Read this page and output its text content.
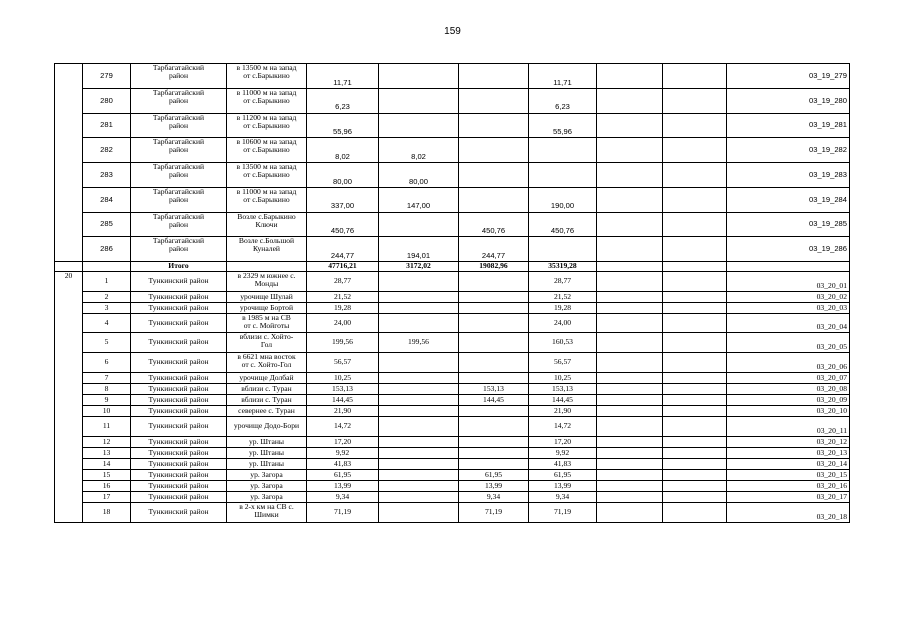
159
	279	Тарбагатайский
район	в 13500 м на запад
от с.Барыкино	11,71			11,71			03_19_279
	280	Тарбагатайский
район	в 11000 м на запад
от с.Барыкино	6,23			6,23			03_19_280
	281	Тарбагатайский
район	в 11200 м на запад
от с.Барыкино	55,96			55,96			03_19_281
	282	Тарбагатайский
район	в 10600 м на запад
от с.Барыкино	8,02	8,02					03_19_282
	283	Тарбагатайский
район	в 13500 м на запад
от с.Барыкино	80,00	80,00					03_19_283
	284	Тарбагатайский
район	в 11000 м на запад
от с.Барыкино	337,00	147,00		190,00			03_19_284
	285	Тарбагатайский
район	Возле с.Барыкино
Ключи	450,76		450,76	450,76			03_19_285
	286	Тарбагатайский
район	Возле с.Большой
Куналей	244,77	194,01	244,77				03_19_286
		Итого		47716,21	3172,02	19082,96	35319,28			
20	1	Тункинский район	в 2329 м южнее с.
Монды	28,77			28,77			03_20_01
	2	Тункинский район	урочище Шулай	21,52			21,52			03_20_02
	3	Тункинский район	урочище Бортой	19,28			19,28			03_20_03
	4	Тункинский район	в 1985 м на СВ
от с. Мойготы	24,00			24,00			03_20_04
	5	Тункинский район	вблизи с. Хойто-
Гол	199,56	199,56		160,53			03_20_05
	6	Тункинский район	в 6621 мна восток
от с. Хойто-Гол	56,57			56,57			03_20_06
	7	Тункинский район	урочище Долбай	10,25			10,25			03_20_07
	8	Тункинский район	вблизи с. Туран	153,13		153,13	153,13			03_20_08
	9	Тункинский район	вблизи с. Туран	144,45		144,45	144,45			03_20_09
	10	Тункинский район	севернее с. Туран	21,90			21,90			03_20_10
	11	Тункинский район	урочище Додо-Бори	14,72			14,72			03_20_11
	12	Тункинский район	ур. Штаны	17,20			17,20			03_20_12
	13	Тункинский район	ур. Штаны	9,92			9,92			03_20_13
	14	Тункинский район	ур. Штаны	41,83			41,83			03_20_14
	15	Тункинский район	ур. Загора	61,95		61,95	61,95			03_20_15
	16	Тункинский район	ур. Загора	13,99		13,99	13,99			03_20_16
	17	Тункинский район	ур. Загора	9,34		9,34	9,34			03_20_17
	18	Тункинский район	в 2-х км на СВ с.
Шимки	71,19		71,19	71,19			03_20_18
